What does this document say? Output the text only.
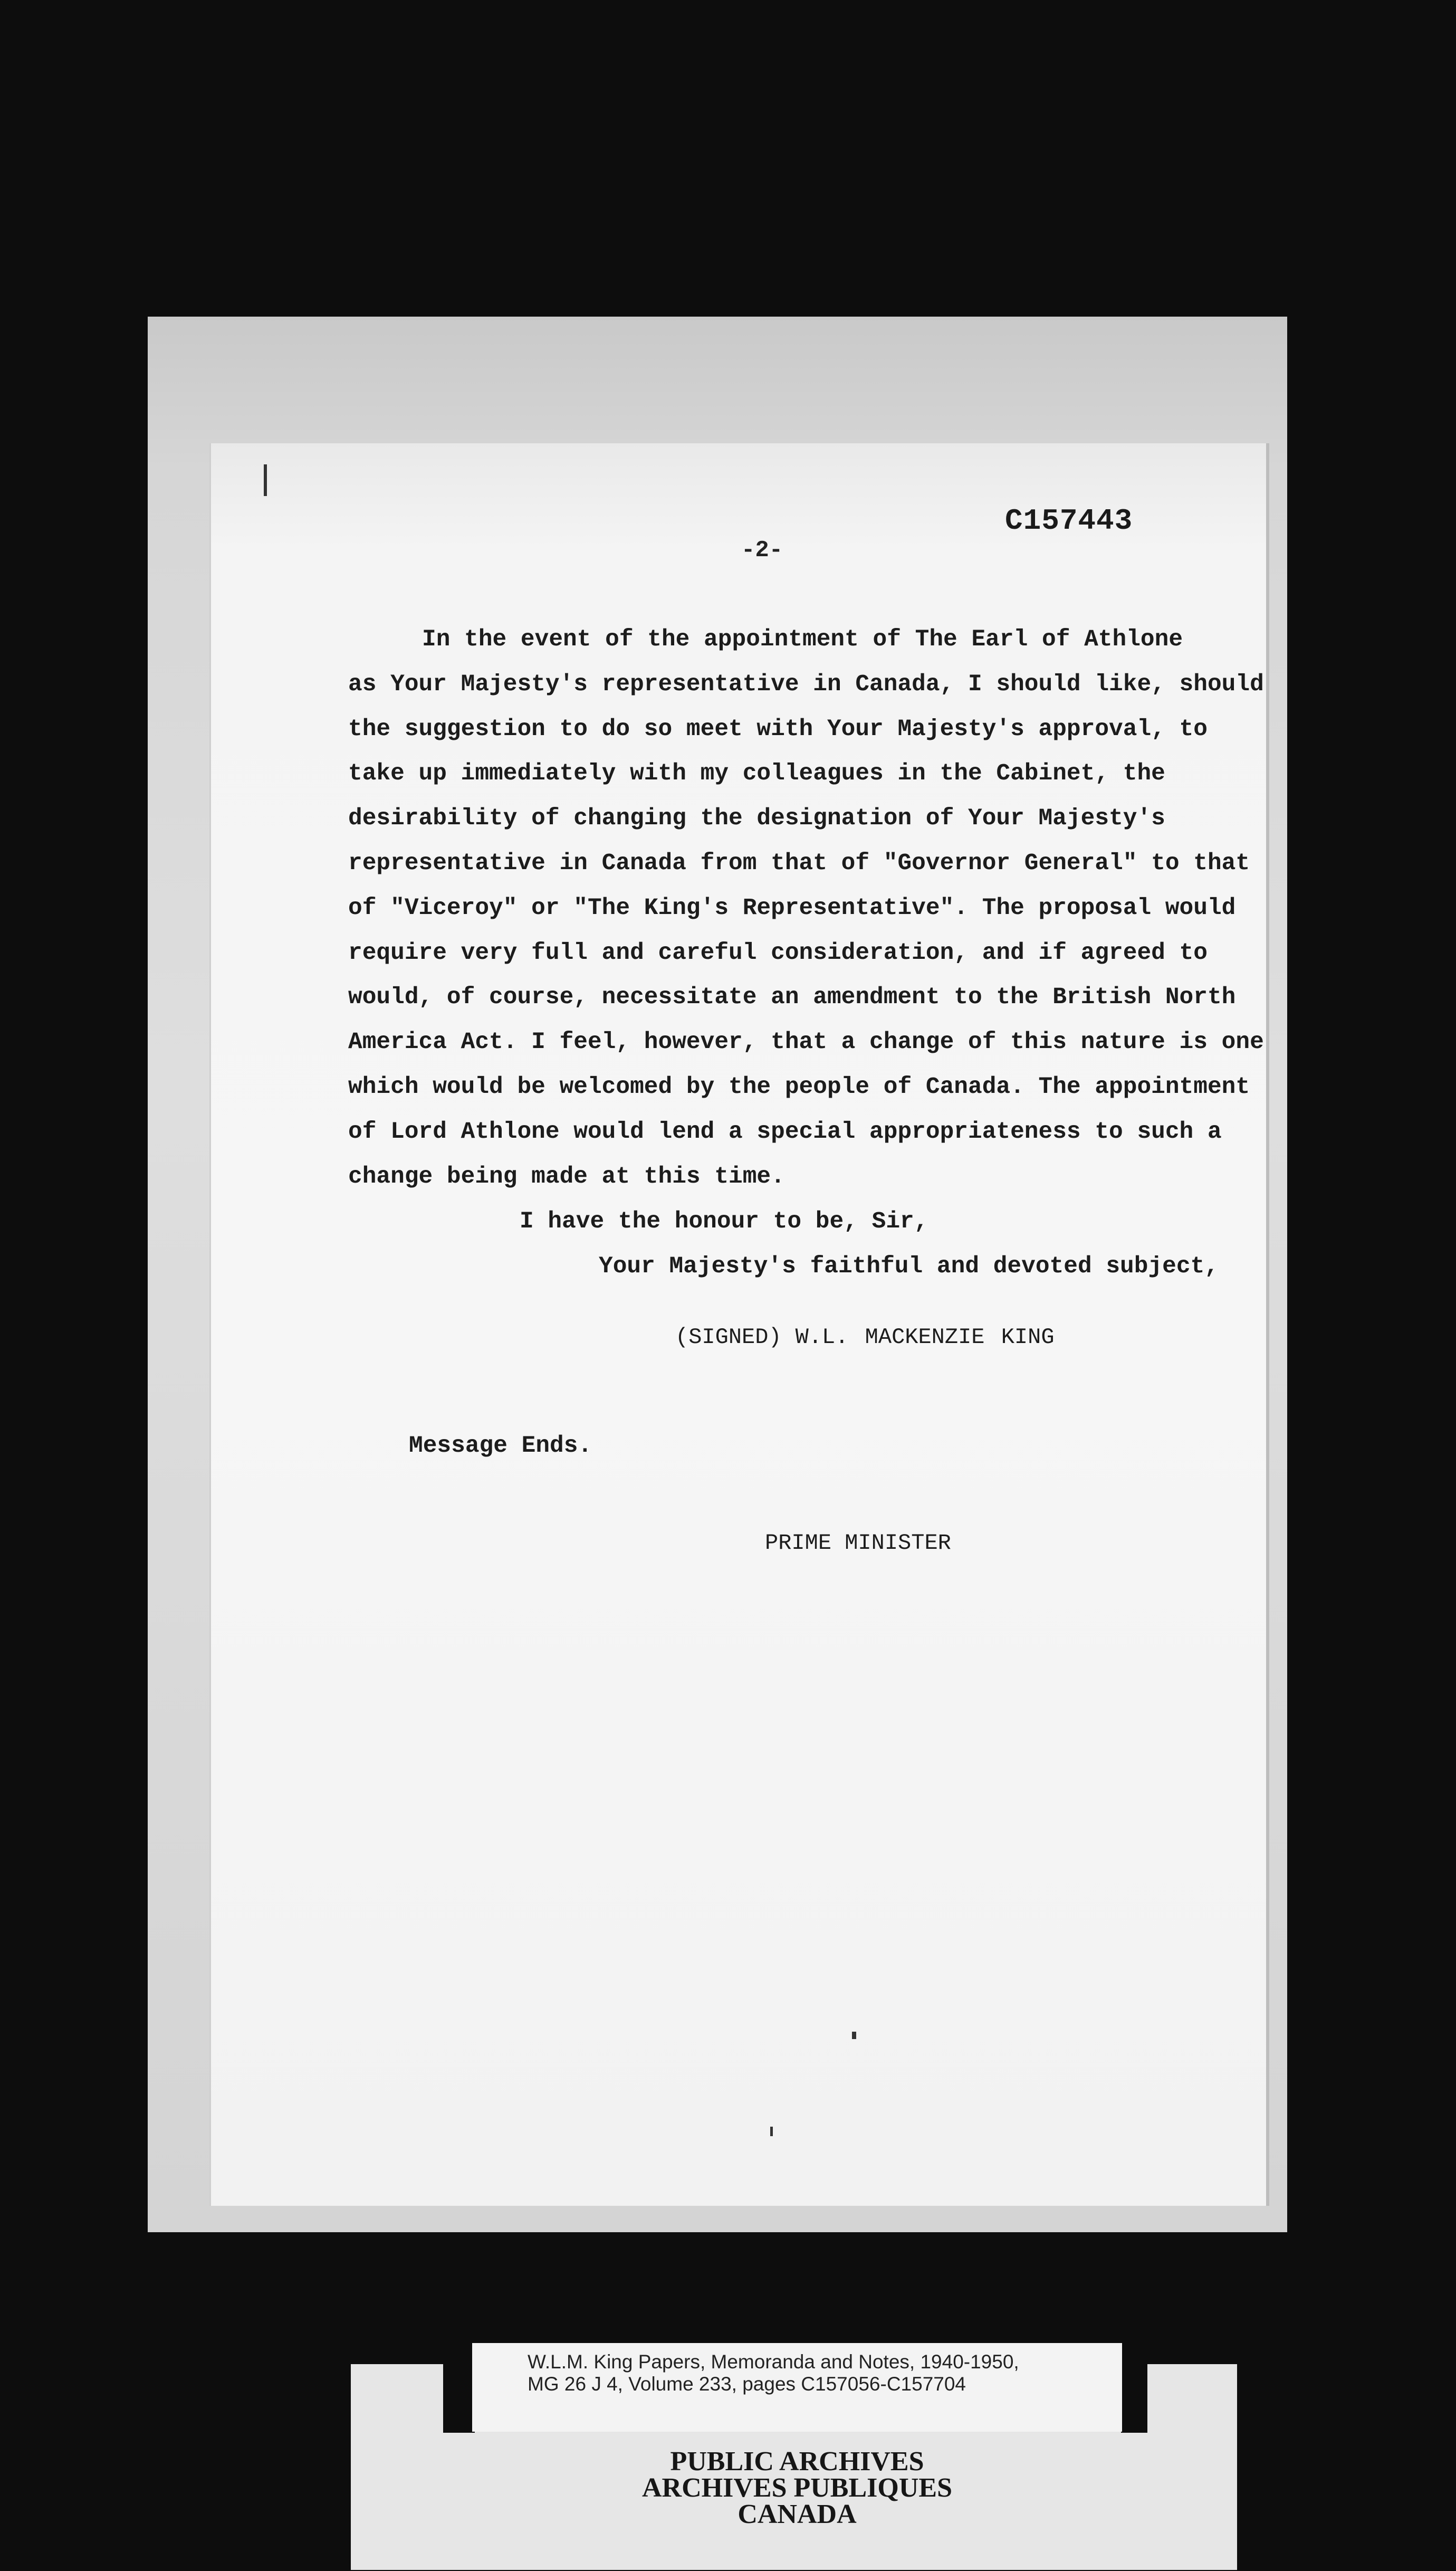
C157443
-2-
In the event of the appointment of The Earl of Athlone
as Your Majesty's representative in Canada, I should like, should
the suggestion to do so meet with Your Majesty's approval, to
take up immediately with my colleagues in the Cabinet, the
desirability of changing the designation of Your Majesty's
representative in Canada from that of "Governor General" to that
of "Viceroy" or "The King's Representative". The proposal would
require very full and careful consideration, and if agreed to
would, of course, necessitate an amendment to the British North
America Act. I feel, however, that a change of this nature is one
which would be welcomed by the people of Canada. The appointment
of Lord Athlone would lend a special appropriateness to such a
change being made at this time.
I have the honour to be, Sir,
Your Majesty's faithful and devoted subject,
(SIGNED) W.L. MACKENZIE KING
Message Ends.
PRIME MINISTER
W.L.M. King Papers, Memoranda and Notes, 1940-1950,
MG 26 J 4, Volume 233, pages C157056-C157704
PUBLIC ARCHIVES
ARCHIVES PUBLIQUES
CANADA
